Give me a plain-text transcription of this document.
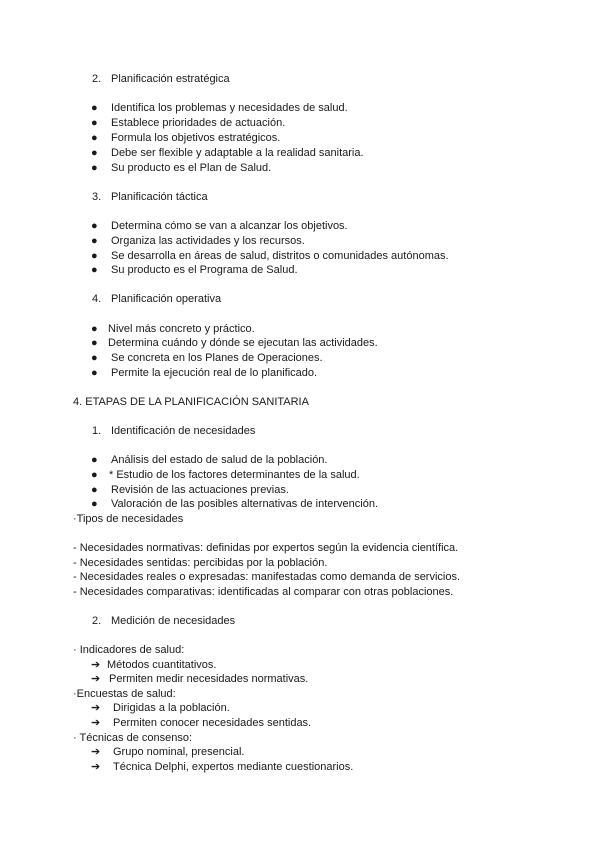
2. Planificación estratégica
● Identifica los problemas y necesidades de salud.
● Establece prioridades de actuación.
● Formula los objetivos estratégicos.
● Debe ser flexible y adaptable a la realidad sanitaria.
● Su producto es el Plan de Salud.
3. Planificación táctica
● Determina cómo se van a alcanzar los objetivos.
● Organiza las actividades y los recursos.
● Se desarrolla en áreas de salud, distritos o comunidades autónomas.
● Su producto es el Programa de Salud.
4. Planificación operativa
● Nivel más concreto y práctico.
● Determina cuándo y dónde se ejecutan las actividades.
● Se concreta en los Planes de Operaciones.
● Permite la ejecución real de lo planificado.
4. ETAPAS DE LA PLANIFICACIÓN SANITARIA
1. Identificación de necesidades
● Análisis del estado de salud de la población.
● * Estudio de los factores determinantes de la salud.
● Revisión de las actuaciones previas.
● Valoración de las posibles alternativas de intervención.
·Tipos de necesidades
- Necesidades normativas: definidas por expertos según la evidencia científica.
- Necesidades sentidas: percibidas por la población.
- Necesidades reales o expresadas: manifestadas como demanda de servicios.
- Necesidades comparativas: identificadas al comparar con otras poblaciones.
2. Medición de necesidades
· Indicadores de salud:
➔ Métodos cuantitativos.
➔ Permiten medir necesidades normativas.
·Encuestas de salud:
➔ Dirigidas a la población.
➔ Permiten conocer necesidades sentidas.
· Técnicas de consenso:
➔ Grupo nominal, presencial.
➔ Técnica Delphi, expertos mediante cuestionarios.
